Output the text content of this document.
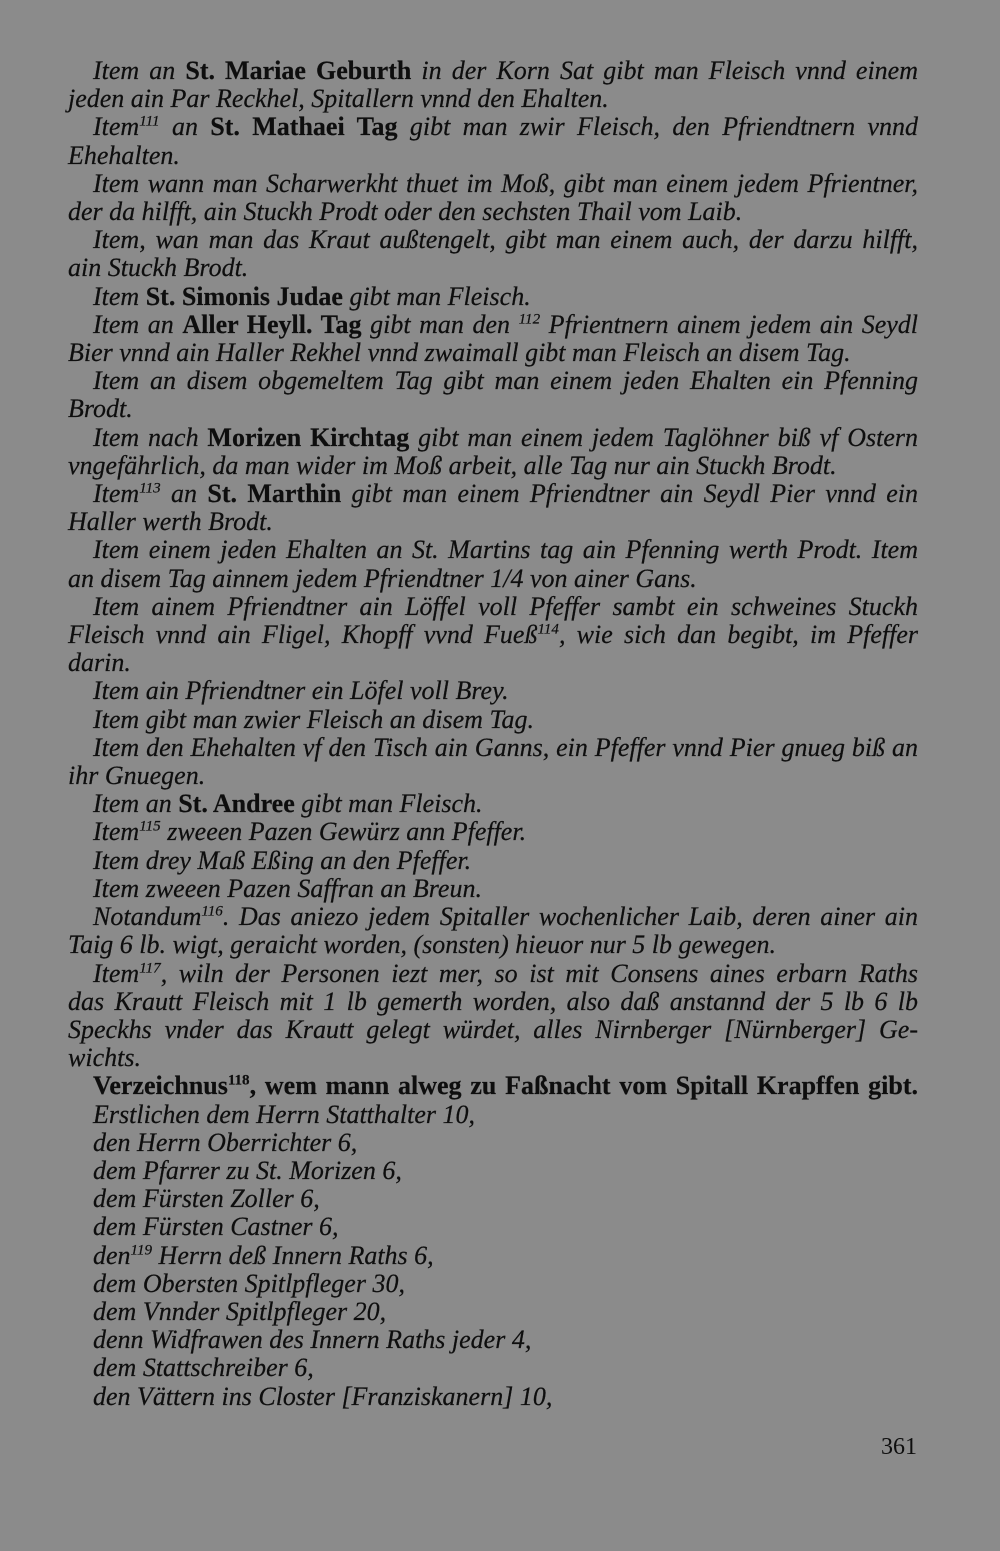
Item an St. Mariae Geburth in der Korn Sat gibt man Fleisch vnnd einem
jeden ain Par Reckhel, Spitallern vnnd den Ehalten.
Item$^{111}$ an St. Mathaei Tag gibt man zwir Fleisch, den Pfriendtnern vnnd
Ehehalten.
Item wann man Scharwerkht thuet im Moß, gibt man einem jedem Pfrientner,
der da hilfft, ain Stuckh Prodt oder den sechsten Thail vom Laib.
Item, wan man das Kraut außtengelt, gibt man einem auch, der darzu hilfft,
ain Stuckh Brodt.
Item St. Simonis Judae gibt man Fleisch.
Item an Aller Heyll. Tag gibt man den $^{112}$ Pfrientnern ainem jedem ain Seydl
Bier vnnd ain Haller Rekhel vnnd zwaimall gibt man Fleisch an disem Tag.
Item an disem obgemeltem Tag gibt man einem jeden Ehalten ein Pfenning
Brodt.
Item nach Morizen Kirchtag gibt man einem jedem Taglöhner biß vf Ostern
vngefährlich, da man wider im Moß arbeit, alle Tag nur ain Stuckh Brodt.
Item$^{113}$ an St. Marthin gibt man einem Pfriendtner ain Seydl Pier vnnd ein
Haller werth Brodt.
Item einem jeden Ehalten an St. Martins tag ain Pfenning werth Prodt. Item
an disem Tag ainnem jedem Pfriendtner 1/4 von ainer Gans.
Item ainem Pfriendtner ain Löffel voll Pfeffer sambt ein schweines Stuckh
Fleisch vnnd ain Fligel, Khopff vvnd Fueß$^{114}$, wie sich dan begibt, im Pfeffer
darin.
Item ain Pfriendtner ein Löfel voll Brey.
Item gibt man zwier Fleisch an disem Tag.
Item den Ehehalten vf den Tisch ain Ganns, ein Pfeffer vnnd Pier gnueg biß an
ihr Gnuegen.
Item an St. Andree gibt man Fleisch.
Item$^{115}$ zweeen Pazen Gewürz ann Pfeffer.
Item drey Maß Eßing an den Pfeffer.
Item zweeen Pazen Saffran an Breun.
Notandum$^{116}$. Das aniezo jedem Spitaller wochenlicher Laib, deren ainer ain
Taig 6 lb. wigt, geraicht worden, (sonsten) hieuor nur 5 lb gewegen.
Item$^{117}$, wiln der Personen iezt mer, so ist mit Consens aines erbarn Raths
das Krautt Fleisch mit 1 lb gemerth worden, also daß anstannd der 5 lb 6 lb
Speckhs vnder das Krautt gelegt würdet, alles Nirnberger [Nürnberger] Ge-
wichts.
Verzeichnus$^{118}$, wem mann alweg zu Faßnacht vom Spitall Krapffen gibt.
Erstlichen dem Herrn Statthalter 10,
den Herrn Oberrichter 6,
dem Pfarrer zu St. Morizen 6,
dem Fürsten Zoller 6,
dem Fürsten Castner 6,
den$^{119}$ Herrn deß Innern Raths 6,
dem Obersten Spitlpfleger 30,
dem Vnnder Spitlpfleger 20,
denn Widfrawen des Innern Raths jeder 4,
dem Stattschreiber 6,
den Vättern ins Closter [Franziskanern] 10,
361
